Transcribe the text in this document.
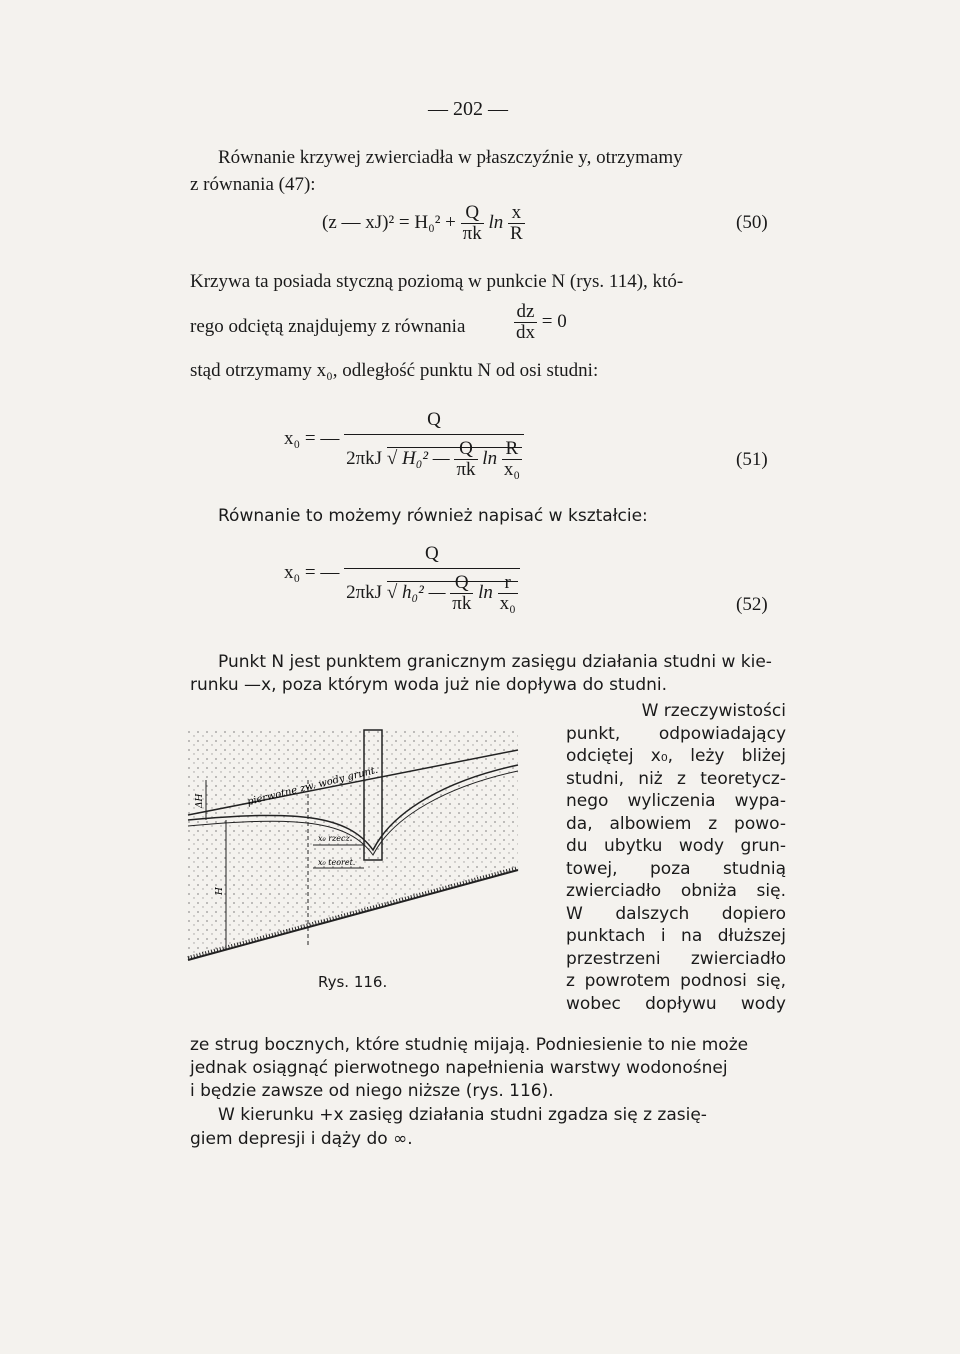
— 202 —
Równanie krzywej zwierciadła w płaszczyźnie y, otrzymamy
z równania (47):
(z — $xJ)^2 = H_0^2 + \frac{Q}{\pi k}$ $\ln \frac{x}{R}$	(50)
Krzywa ta posiada styczną poziomą w punkcie N (rys. 114), któ-
rego odciętą znajdujemy z równania	$\frac{dz}{dx} = 0$
stąd otrzymamy x₀, odległość punktu N od osi studni:
x₀ = — $\frac{Q}{2\pi kJ √ H_0^2 — \frac{Q}{\pi k} \ln \frac{R}{\text{x₀}}}$	(51)
Równanie to możemy również napisać w kształcie:
x₀ = — $\frac{Q}{2\pi kJ √ h_0^2 — \frac{Q}{\pi k} \ln \frac{r}{\text{x₀}}}$	(52)
Punkt N jest punktem granicznym zasięgu działania studni w kie-
runku —x, poza którym woda już nie dopływa do studni.
W rzeczywistości
punkt, odpowiadający
odciętej x₀, leży bliżej
studni, niż z teoretycz-
nego wyliczenia wypa-
da, albowiem z powo-
du ubytku wody grun-
towej, poza studnią
zwierciadło obniża się.
W dalszych dopiero
punktach i na dłuższej
przestrzeni zwierciadło
z powrotem podnosi się,
wobec dopływu wody
pierwotne zw. wody grunt.
x₀ rzecz.
x₀ teoret.
ΔH
H
Rys. 116.
ze strug bocznych, które studnię mijają. Podniesienie to nie może
jednak osiągnąć pierwotnego napełnienia warstwy wodonośnej
i będzie zawsze od niego niższe (rys. 116).
W kierunku +x zasięg działania studni zgadza się z zasię-
giem depresji i dąży do ∞.
